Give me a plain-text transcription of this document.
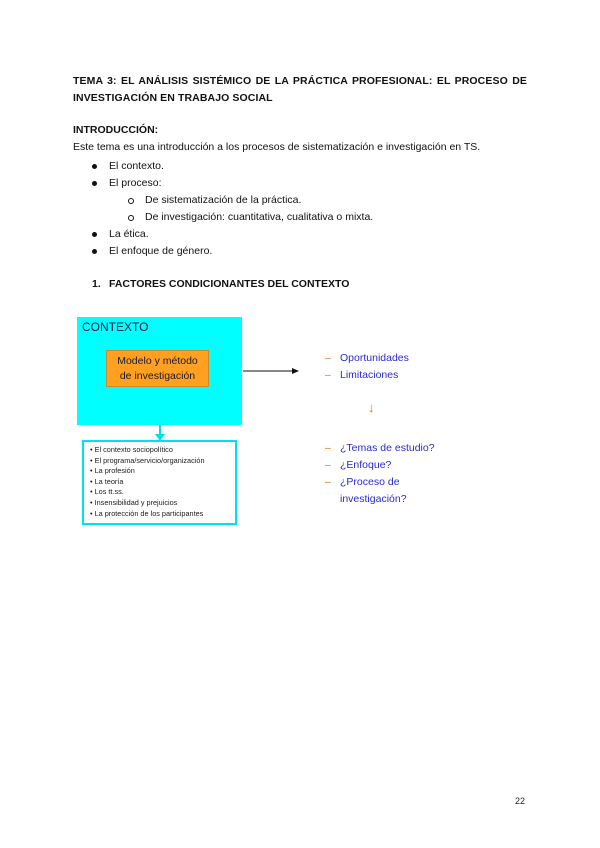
TEMA 3: EL ANÁLISIS SISTÉMICO DE LA PRÁCTICA PROFESIONAL: EL PROCESO DE INVESTIGACIÓN EN TRABAJO SOCIAL
INTRODUCCIÓN:
Este tema es una introducción a los procesos de sistematización e investigación en TS.
El contexto.
El proceso:
De sistematización de la práctica.
De investigación: cuantitativa, cualitativa o mixta.
La ética.
El enfoque de género.
1. FACTORES CONDICIONANTES DEL CONTEXTO
CONTEXTO
Modelo y método
de investigación
• El contexto sociopolítico
• El programa/servicio/organización
• La profesión
• La teoría
• Los tt.ss.
• Insensibilidad y prejuicios
• La protección de los participantes
– Oportunidades
– Limitaciones
↓
– ¿Temas de estudio?
– ¿Enfoque?
– ¿Proceso de investigación?
22
